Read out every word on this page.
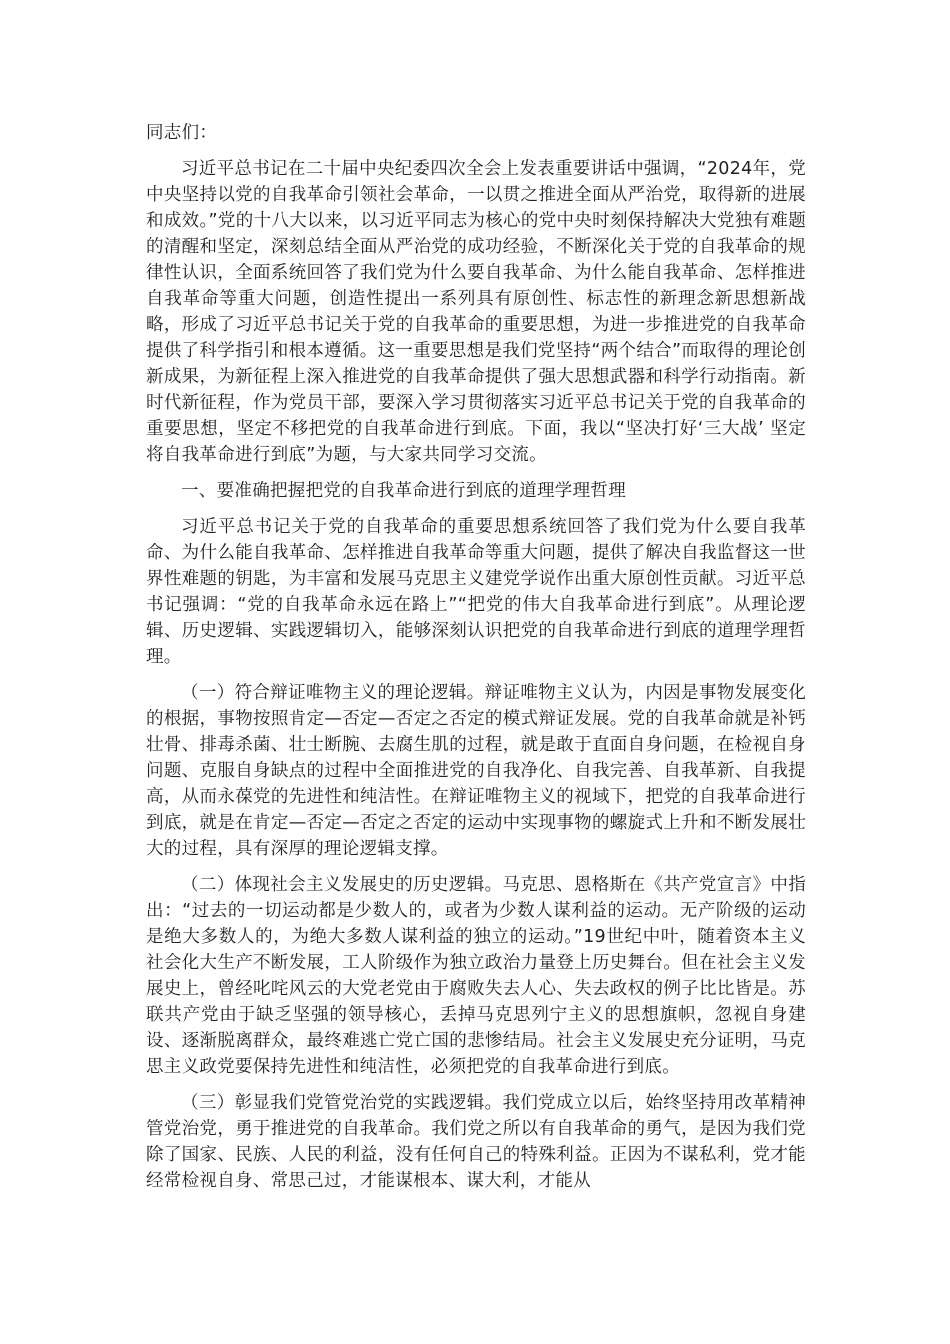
同志们：

习近平总书记在二十届中央纪委四次全会上发表重要讲话中强调，“2024年，党中央坚持以党的自我革命引领社会革命，一以贯之推进全面从严治党，取得新的进展和成效。”党的十八大以来，以习近平同志为核心的党中央时刻保持解决大党独有难题的清醒和坚定，深刻总结全面从严治党的成功经验，不断深化关于党的自我革命的规律性认识，全面系统回答了我们党为什么要自我革命、为什么能自我革命、怎样推进自我革命等重大问题，创造性提出一系列具有原创性、标志性的新理念新思想新战略，形成了习近平总书记关于党的自我革命的重要思想，为进一步推进党的自我革命提供了科学指引和根本遵循。这一重要思想是我们党坚持“两个结合”而取得的理论创新成果，为新征程上深入推进党的自我革命提供了强大思想武器和科学行动指南。新时代新征程，作为党员干部，要深入学习贯彻落实习近平总书记关于党的自我革命的重要思想，坚定不移把党的自我革命进行到底。下面，我以“坚决打好‘三大战’ 坚定将自我革命进行到底”为题，与大家共同学习交流。

一、要准确把握把党的自我革命进行到底的道理学理哲理

习近平总书记关于党的自我革命的重要思想系统回答了我们党为什么要自我革命、为什么能自我革命、怎样推进自我革命等重大问题，提供了解决自我监督这一世界性难题的钥匙，为丰富和发展马克思主义建党学说作出重大原创性贡献。习近平总书记强调：“党的自我革命永远在路上”“把党的伟大自我革命进行到底”。从理论逻辑、历史逻辑、实践逻辑切入，能够深刻认识把党的自我革命进行到底的道理学理哲理。

（一）符合辩证唯物主义的理论逻辑。辩证唯物主义认为，内因是事物发展变化的根据，事物按照肯定—否定—否定之否定的模式辩证发展。党的自我革命就是补钙壮骨、排毒杀菌、壮士断腕、去腐生肌的过程，就是敢于直面自身问题，在检视自身问题、克服自身缺点的过程中全面推进党的自我净化、自我完善、自我革新、自我提高，从而永葆党的先进性和纯洁性。在辩证唯物主义的视域下，把党的自我革命进行到底，就是在肯定—否定—否定之否定的运动中实现事物的螺旋式上升和不断发展壮大的过程，具有深厚的理论逻辑支撑。

（二）体现社会主义发展史的历史逻辑。马克思、恩格斯在《共产党宣言》中指出：“过去的一切运动都是少数人的，或者为少数人谋利益的运动。无产阶级的运动是绝大多数人的，为绝大多数人谋利益的独立的运动。”19世纪中叶，随着资本主义社会化大生产不断发展，工人阶级作为独立政治力量登上历史舞台。但在社会主义发展史上，曾经叱咤风云的大党老党由于腐败失去人心、失去政权的例子比比皆是。苏联共产党由于缺乏坚强的领导核心，丢掉马克思列宁主义的思想旗帜，忽视自身建设、逐渐脱离群众，最终难逃亡党亡国的悲惨结局。社会主义发展史充分证明，马克思主义政党要保持先进性和纯洁性，必须把党的自我革命进行到底。

（三）彰显我们党管党治党的实践逻辑。我们党成立以后，始终坚持用改革精神管党治党，勇于推进党的自我革命。我们党之所以有自我革命的勇气，是因为我们党除了国家、民族、人民的利益，没有任何自己的特殊利益。正因为不谋私利，党才能经常检视自身、常思己过，才能谋根本、谋大利，才能从
